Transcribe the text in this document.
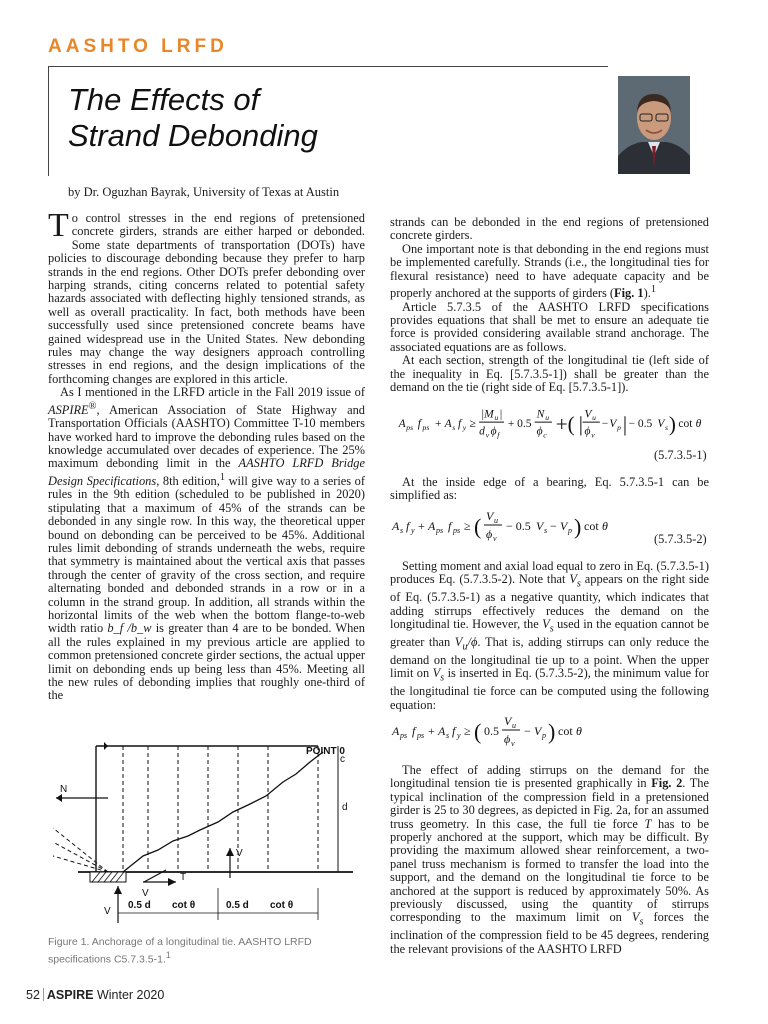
AASHTO LRFD
The Effects of
Strand Debonding
by Dr. Oguzhan Bayrak, University of Texas at Austin

To control stresses in the end regions of pretensioned concrete girders, strands are either harped or debonded. Some state departments of transportation (DOTs) have policies to discourage debonding because they prefer to harp strands in the end regions. Other DOTs prefer debonding over harping strands, citing concerns related to potential safety hazards associated with deflecting highly tensioned strands, as well as overall practicality. In fact, both methods have been successfully used since pretensioned concrete beams have gained widespread use in the United States. New debonding rules may change the way designers approach controlling stresses in end regions, and the design implications of the forthcoming changes are explored in this article.

As I mentioned in the LRFD article in the Fall 2019 issue of ASPIRE®, American Association of State Highway and Transportation Officials (AASHTO) Committee T-10 members have worked hard to improve the debonding rules based on the knowledge accumulated over decades of experience. The 25% maximum debonding limit in the AASHTO LRFD Bridge Design Specifications, 8th edition,$^1$ will give way to a series of rules in the 9th edition (scheduled to be published in 2020) stipulating that a maximum of 45% of the strands can be debonded in any single row. In this way, the theoretical upper bound on debonding can be perceived to be 45%. Additional rules limit debonding of strands underneath the webs, require that symmetry is maintained about the vertical axis that passes through the center of gravity of the cross section, and require alternating bonded and debonded strands in a row or in a column in the strand group. In addition, all strands within the horizontal limits of the web when the bottom flange-to-web width ratio b_f /b_w is greater than 4 are to be bonded. When all the rules explained in my previous article are applied to common pretensioned concrete girder sections, the actual upper limit on debonding ends up being less than 45%. Meeting all the new rules of debonding implies that roughly one-third of the

POINT 0
c
N
V
T
V
V
d
0.5 d cot θ	0.5 d cot θ
Figure 1. Anchorage of a longitudinal tie. AASHTO LRFD specifications C5.7.3.5-1.$^1$

strands can be debonded in the end regions of pretensioned concrete girders.

One important note is that debonding in the end regions must be implemented carefully. Strands (i.e., the longitudinal ties for flexural resistance) need to have adequate capacity and be properly anchored at the supports of girders (Fig. 1).$^1$

Article 5.7.3.5 of the AASHTO LRFD specifications provides equations that shall be met to ensure an adequate tie force is provided considering available strand anchorage. The associated equations are as follows.

At each section, strength of the longitudinal tie (left side of the inequality in Eq. [5.7.3.5-1]) shall be greater than the demand on the tie (right side of Eq. [5.7.3.5-1]).

A ps f ps + A s f y ≥
|M u |
d v ϕ f
+ 0.5
N u
ϕ c +( | V u
ϕ v
− V p | − 0.5 V s ) cot θ
(5.7.3.5-1)

At the inside edge of a bearing, Eq. 5.7.3.5-1 can be simplified as:

A s f y + A ps f ps ≥ ( V u
ϕ v
− 0.5 V s − V p ) cot θ
(5.7.3.5-2)

Setting moment and axial load equal to zero in Eq. (5.7.3.5-1) produces Eq. (5.7.3.5-2). Note that $V_s$ appears on the right side of Eq. (5.7.3.5-1) as a negative quantity, which indicates that adding stirrups effectively reduces the demand on the longitudinal tie. However, the $V_s$ used in the equation cannot be greater than $V_u/\phi$. That is, adding stirrups can only reduce the demand on the longitudinal tie up to a point. When the upper limit on $V_s$ is inserted in Eq. (5.7.3.5-2), the minimum value for the longitudinal tie force can be computed using the following equation:

A ps f ps + A s f y ≥ ( 0.5
V u
ϕ v
− V p ) cot θ

The effect of adding stirrups on the demand for the longitudinal tension tie is presented graphically in Fig. 2. The typical inclination of the compression field in a pretensioned girder is 25 to 30 degrees, as depicted in Fig. 2a, for an assumed truss geometry. In this case, the full tie force T has to be properly anchored at the support, which may be difficult. By providing the maximum allowed shear reinforcement, a two-panel truss mechanism is formed to transfer the load into the support, and the demand on the longitudinal tie force to be anchored at the support is reduced by approximately 50%. As previously discussed, using the quantity of stirrups corresponding to the maximum limit on $V_s$ forces the inclination of the compression field to be 45 degrees, rendering the relevant provisions of the AASHTO LRFD

52 ASPIRE Winter 2020
